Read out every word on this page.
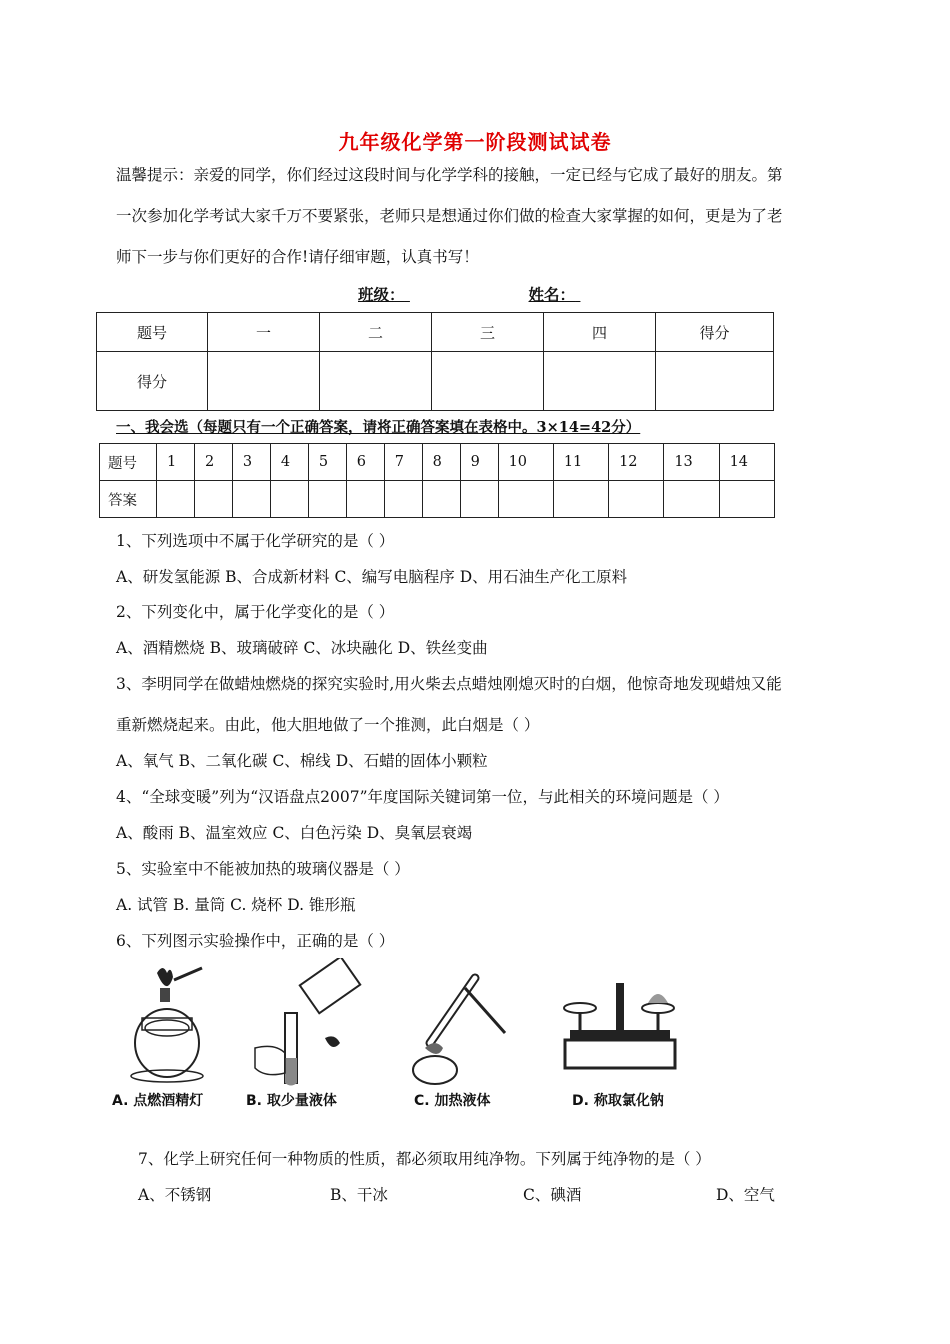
九年级化学第一阶段测试试卷
温馨提示：亲爱的同学，你们经过这段时间与化学学科的接触，一定已经与它成了最好的朋友。第
一次参加化学考试大家千万不要紧张，老师只是想通过你们做的检查大家掌握的如何，更是为了老
师下一步与你们更好的合作!请仔细审题，认真书写！
班级：	姓名：
题号	一	二	三	四	得分
得分					
一、我会选（每题只有一个正确答案，请将正确答案填在表格中。3×14=42分）
题号	1	2	3	4	5	6	7	8	9	10	11	12	13	14
答案														
1、下列选项中不属于化学研究的是（ ）
A、研发氢能源 B、合成新材料 C、编写电脑程序 D、用石油生产化工原料
2、下列变化中，属于化学变化的是（ ）
A、酒精燃烧 B、玻璃破碎 C、冰块融化 D、铁丝变曲
3、李明同学在做蜡烛燃烧的探究实验时,用火柴去点蜡烛刚熄灭时的白烟，他惊奇地发现蜡烛又能
重新燃烧起来。由此，他大胆地做了一个推测，此白烟是（ ）
A、氧气 B、二氧化碳 C、棉线 D、石蜡的固体小颗粒
4、“全球变暖”列为“汉语盘点2007”年度国际关键词第一位，与此相关的环境问题是（ ）
A、酸雨 B、温室效应 C、白色污染 D、臭氧层衰竭
5、实验室中不能被加热的玻璃仪器是（ ）
A. 试管 B. 量筒 C. 烧杯 D. 锥形瓶
6、下列图示实验操作中，正确的是（ ）
A. 点燃酒精灯	B. 取少量液体	C. 加热液体	D. 称取氯化钠
7、化学上研究任何一种物质的性质，都必须取用纯净物。下列属于纯净物的是（ ）
A、不锈钢	B、干冰	C、碘酒	D、空气
